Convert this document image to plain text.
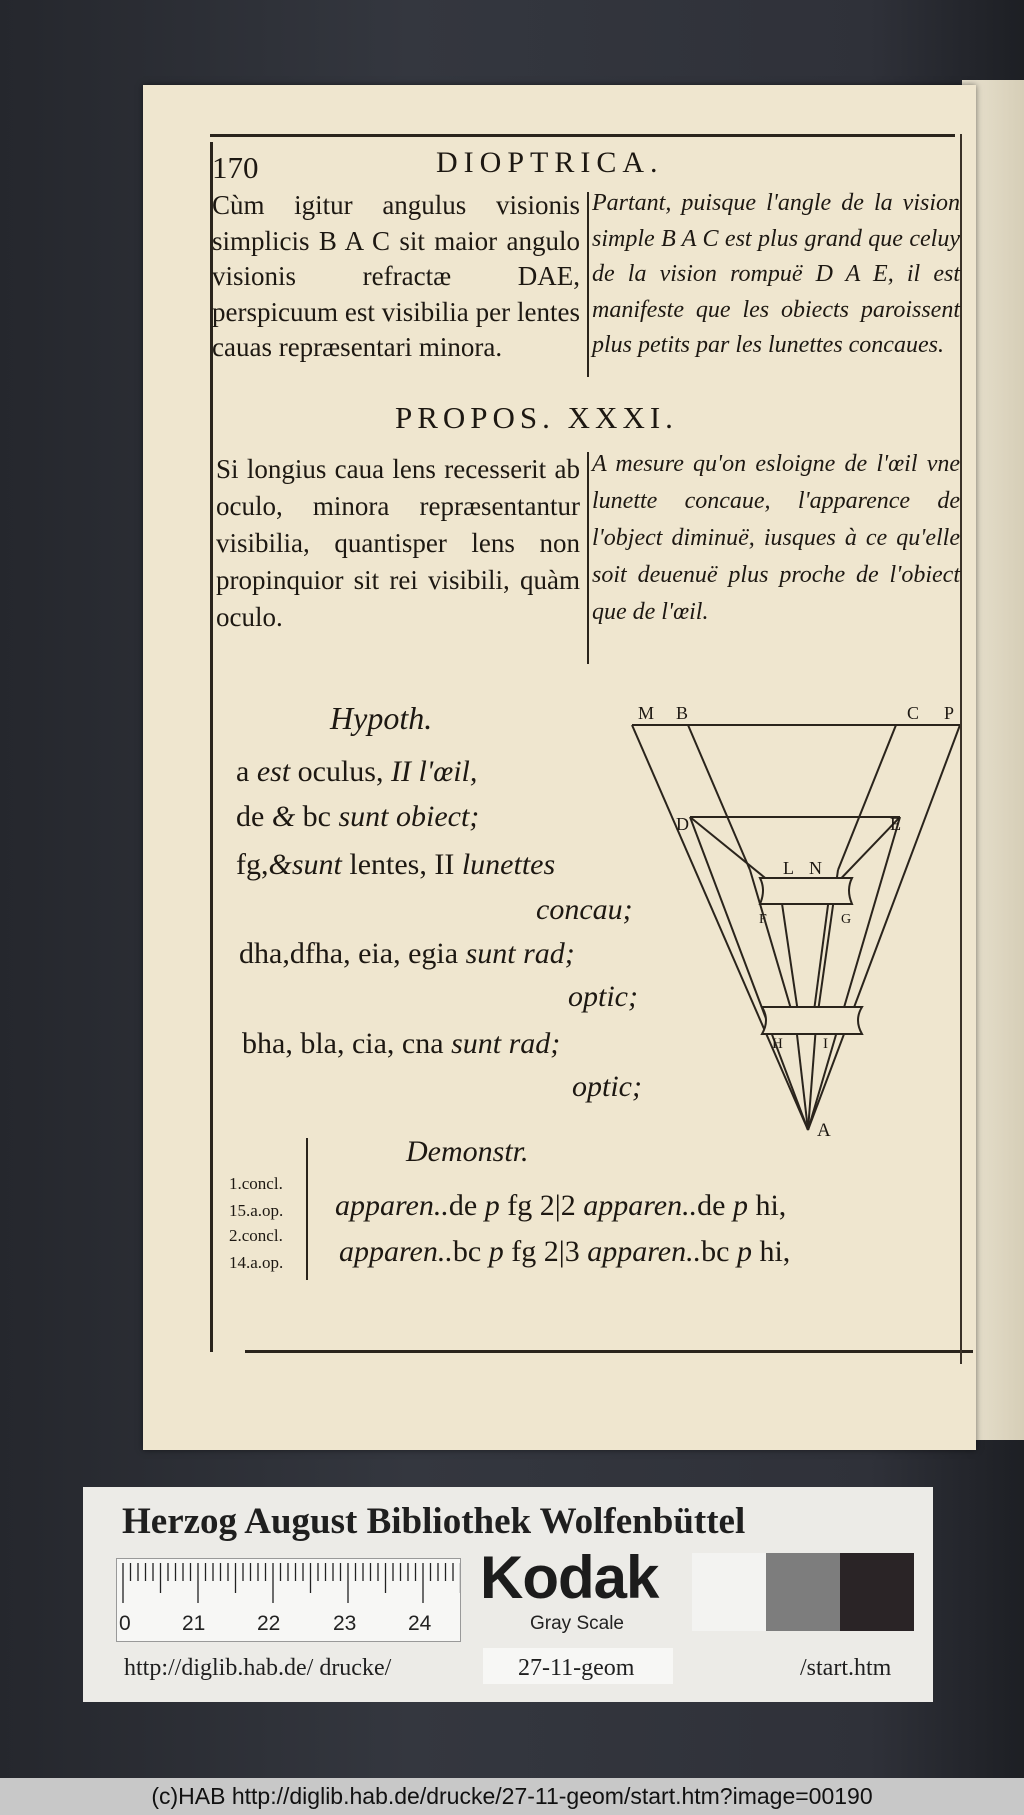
170	DIOPTRICA.

Cùm igitur angulus visionis simplicis B A C sit maior angulo visionis refractæ DAE, perspicuum est visibilia per lentes cauas repræsentari minora.

Partant, puisque l'angle de la vision simple B A C est plus grand que celuy de la vision rompuë D A E, il est manifeste que les obiects paroissent plus petits par les lunettes concaues.

PROPOS. XXXI.

Si longius caua lens recesserit ab oculo, minora repræsentantur visibilia, quantisper lens non propinquior sit rei visibili, quàm oculo.

A mesure qu'on esloigne de l'œil vne lunette concaue, l'apparence de l'object diminuë, iusques à ce qu'elle soit deuenuë plus proche de l'obiect que de l'œil.

Hypoth.

a est oculus, II l'œil,

de & bc sunt obiect;

fg,&sunt lentes, II lunettes

concau;

dha,dfha, eia, egia sunt rad;

optic;

bha, bla, cia, cna sunt rad;

optic;

M B	C P
D	E
L N
F	G
H	I
A

Demonstr.

1.concl.

15.a.op.

2.concl.

14.a.op.

apparen..de p fg 2|2 apparen..de p hi,

apparen..bc p fg 2|3 apparen..bc p hi,

Herzog August Bibliothek Wolfenbüttel

0 21 22	23 24

Kodak

Gray Scale

http://diglib.hab.de/ drucke/	27-11-geom	/start.htm

(c)HAB http://diglib.hab.de/drucke/27-11-geom/start.htm?image=00190
